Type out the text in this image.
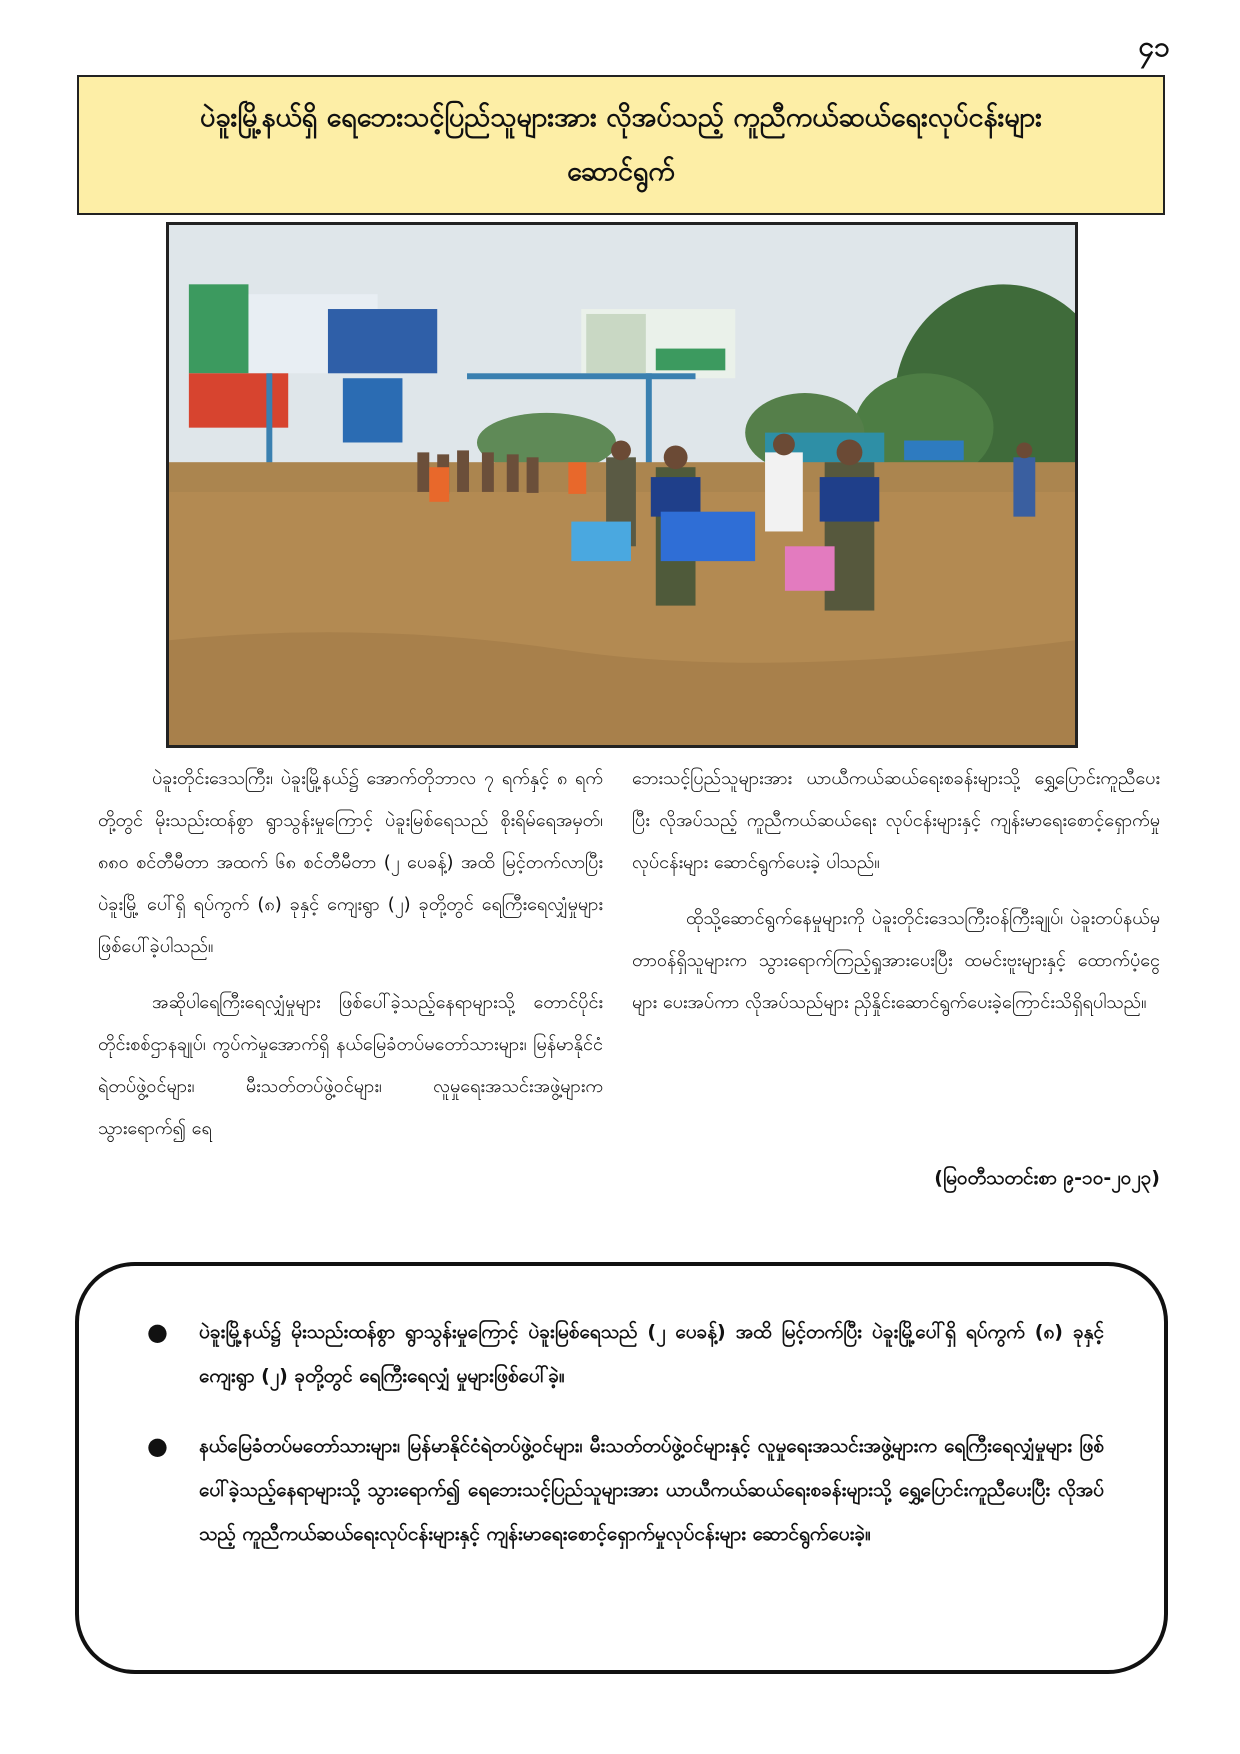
၄၁
ပဲခူးမြို့နယ်ရှိ ရေဘေးသင့်ပြည်သူများအား လိုအပ်သည့် ကူညီကယ်ဆယ်ရေးလုပ်ငန်းများ
ဆောင်ရွက်

ပဲခူးတိုင်းဒေသကြီး၊ ပဲခူးမြို့နယ်၌ အောက်တိုဘာလ ၇ ရက်နှင့် ၈ ရက်တို့တွင် မိုးသည်းထန်စွာ ရွာသွန်းမှုကြောင့် ပဲခူးမြစ်ရေသည် စိုးရိမ်ရေအမှတ်၊ ၈၈၀ စင်တီမီတာ အထက် ၆၈ စင်တီမီတာ (၂ ပေခန့်) အထိ မြင့်တက်လာပြီး ပဲခူးမြို့ ပေါ်ရှိ ရပ်ကွက် (၈) ခုနှင့် ကျေးရွာ (၂) ခုတို့တွင် ရေကြီးရေလျှံမှုများဖြစ်ပေါ်ခဲ့ပါသည်။

အဆိုပါရေကြီးရေလျှံမှုများ ဖြစ်ပေါ်ခဲ့သည့်နေရာများသို့ တောင်ပိုင်းတိုင်းစစ်ဌာနချုပ်၊ ကွပ်ကဲမှုအောက်ရှိ နယ်မြေခံတပ်မတော်သားများ၊ မြန်မာနိုင်ငံရဲတပ်ဖွဲ့ဝင်များ၊ မီးသတ်တပ်ဖွဲ့ဝင်များ၊ လူမှုရေးအသင်းအဖွဲ့များက သွားရောက်၍ ရေ

ဘေးသင့်ပြည်သူများအား ယာယီကယ်ဆယ်ရေးစခန်းများသို့ ရွှေ့ပြောင်းကူညီပေးပြီး လိုအပ်သည့် ကူညီကယ်ဆယ်ရေး လုပ်ငန်းများနှင့် ကျန်းမာရေးစောင့်ရှောက်မှုလုပ်ငန်းများ ဆောင်ရွက်ပေးခဲ့ ပါသည်။

ထိုသို့ဆောင်ရွက်နေမှုများကို ပဲခူးတိုင်းဒေသကြီးဝန်ကြီးချုပ်၊ ပဲခူးတပ်နယ်မှ တာဝန်ရှိသူများက သွားရောက်ကြည့်ရှုအားပေးပြီး ထမင်းဗူးများနှင့် ထောက်ပံ့ငွေများ ပေးအပ်ကာ လိုအပ်သည်များ ညှိနှိုင်းဆောင်ရွက်ပေးခဲ့ကြောင်းသိရှိရပါသည်။

(မြဝတီသတင်းစာ ၉-၁၀-၂၀၂၃)
● ပဲခူးမြို့နယ်၌ မိုးသည်းထန်စွာ ရွာသွန်းမှုကြောင့် ပဲခူးမြစ်ရေသည် (၂ ပေခန့်) အထိ မြင့်တက်ပြီး ပဲခူးမြို့ပေါ်ရှိ ရပ်ကွက် (၈) ခုနှင့် ကျေးရွာ (၂) ခုတို့တွင် ရေကြီးရေလျှံ မှုများဖြစ်ပေါ်ခဲ့။
● နယ်မြေခံတပ်မတော်သားများ၊ မြန်မာနိုင်ငံရဲတပ်ဖွဲ့ဝင်များ၊ မီးသတ်တပ်ဖွဲ့ဝင်များနှင့် လူမှုရေးအသင်းအဖွဲ့များက ရေကြီးရေလျှံမှုများ ဖြစ်ပေါ်ခဲ့သည့်နေရာများသို့ သွားရောက်၍ ရေဘေးသင့်ပြည်သူများအား ယာယီကယ်ဆယ်ရေးစခန်းများသို့ ရွှေ့ပြောင်းကူညီပေးပြီး လိုအပ်သည့် ကူညီကယ်ဆယ်ရေးလုပ်ငန်းများနှင့် ကျန်းမာရေးစောင့်ရှောက်မှုလုပ်ငန်းများ ဆောင်ရွက်ပေးခဲ့။
